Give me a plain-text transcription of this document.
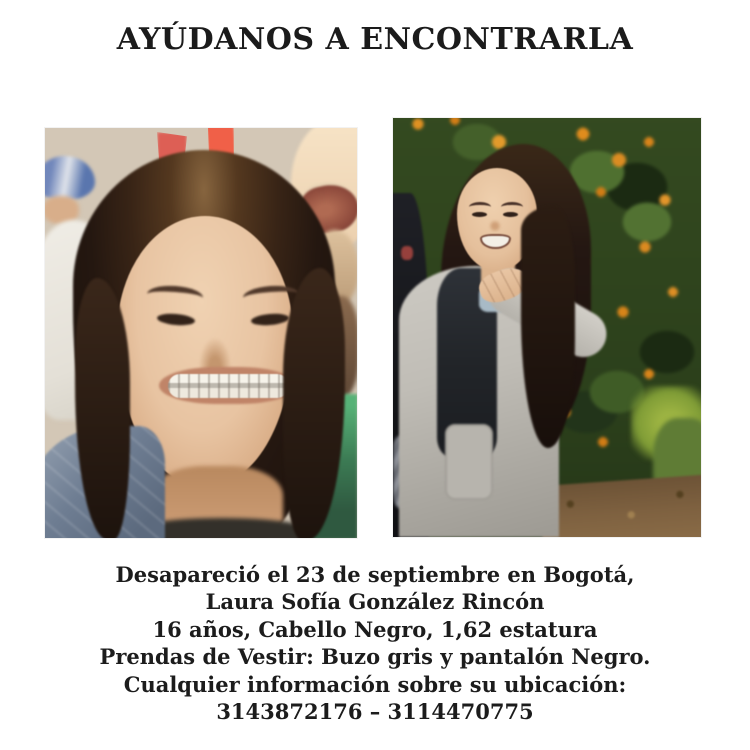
AYÚDANOS A ENCONTRARLA

Desapareció el 23 de septiembre en Bogotá,

Laura Sofía González Rincón

16 años, Cabello Negro, 1,62 estatura

Prendas de Vestir: Buzo gris y pantalón Negro.

Cualquier información sobre su ubicación:

3143872176 – 3114470775
